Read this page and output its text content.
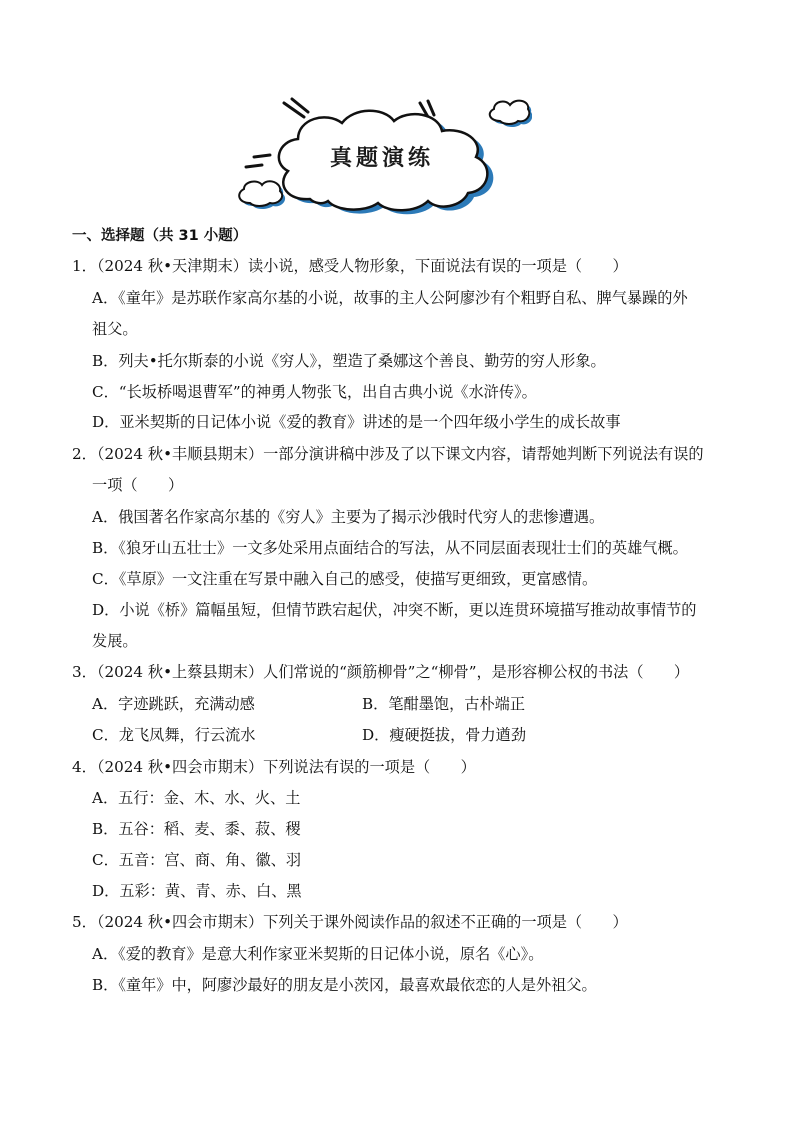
真题演练
一、选择题（共 31 小题）
1．（2024 秋•天津期末）读小说，感受人物形象，下面说法有误的一项是（　　）
A．《童年》是苏联作家高尔基的小说，故事的主人公阿廖沙有个粗野自私、脾气暴躁的外
祖父。
B．列夫•托尔斯泰的小说《穷人》，塑造了桑娜这个善良、勤劳的穷人形象。
C．“长坂桥喝退曹军”的神勇人物张飞，出自古典小说《水浒传》。
D．亚米契斯的日记体小说《爱的教育》讲述的是一个四年级小学生的成长故事
2．（2024 秋•丰顺县期末）一部分演讲稿中涉及了以下课文内容，请帮她判断下列说法有误的
一项（　　）
A．俄国著名作家高尔基的《穷人》主要为了揭示沙俄时代穷人的悲惨遭遇。
B．《狼牙山五壮士》一文多处采用点面结合的写法，从不同层面表现壮士们的英雄气概。
C．《草原》一文注重在写景中融入自己的感受，使描写更细致，更富感情。
D．小说《桥》篇幅虽短，但情节跌宕起伏，冲突不断，更以连贯环境描写推动故事情节的
发展。
3．（2024 秋•上蔡县期末）人们常说的“颜筋柳骨”之“柳骨”，是形容柳公权的书法（　　）
A．字迹跳跃，充满动感	B．笔酣墨饱，古朴端正
C．龙飞凤舞，行云流水	D．瘦硬挺拔，骨力遒劲
4．（2024 秋•四会市期末）下列说法有误的一项是（　　）
A．五行：金、木、水、火、土
B．五谷：稻、麦、黍、菽、稷
C．五音：宫、商、角、徽、羽
D．五彩：黄、青、赤、白、黑
5．（2024 秋•四会市期末）下列关于课外阅读作品的叙述不正确的一项是（　　）
A．《爱的教育》是意大利作家亚米契斯的日记体小说，原名《心》。
B．《童年》中，阿廖沙最好的朋友是小茨冈，最喜欢最依恋的人是外祖父。
